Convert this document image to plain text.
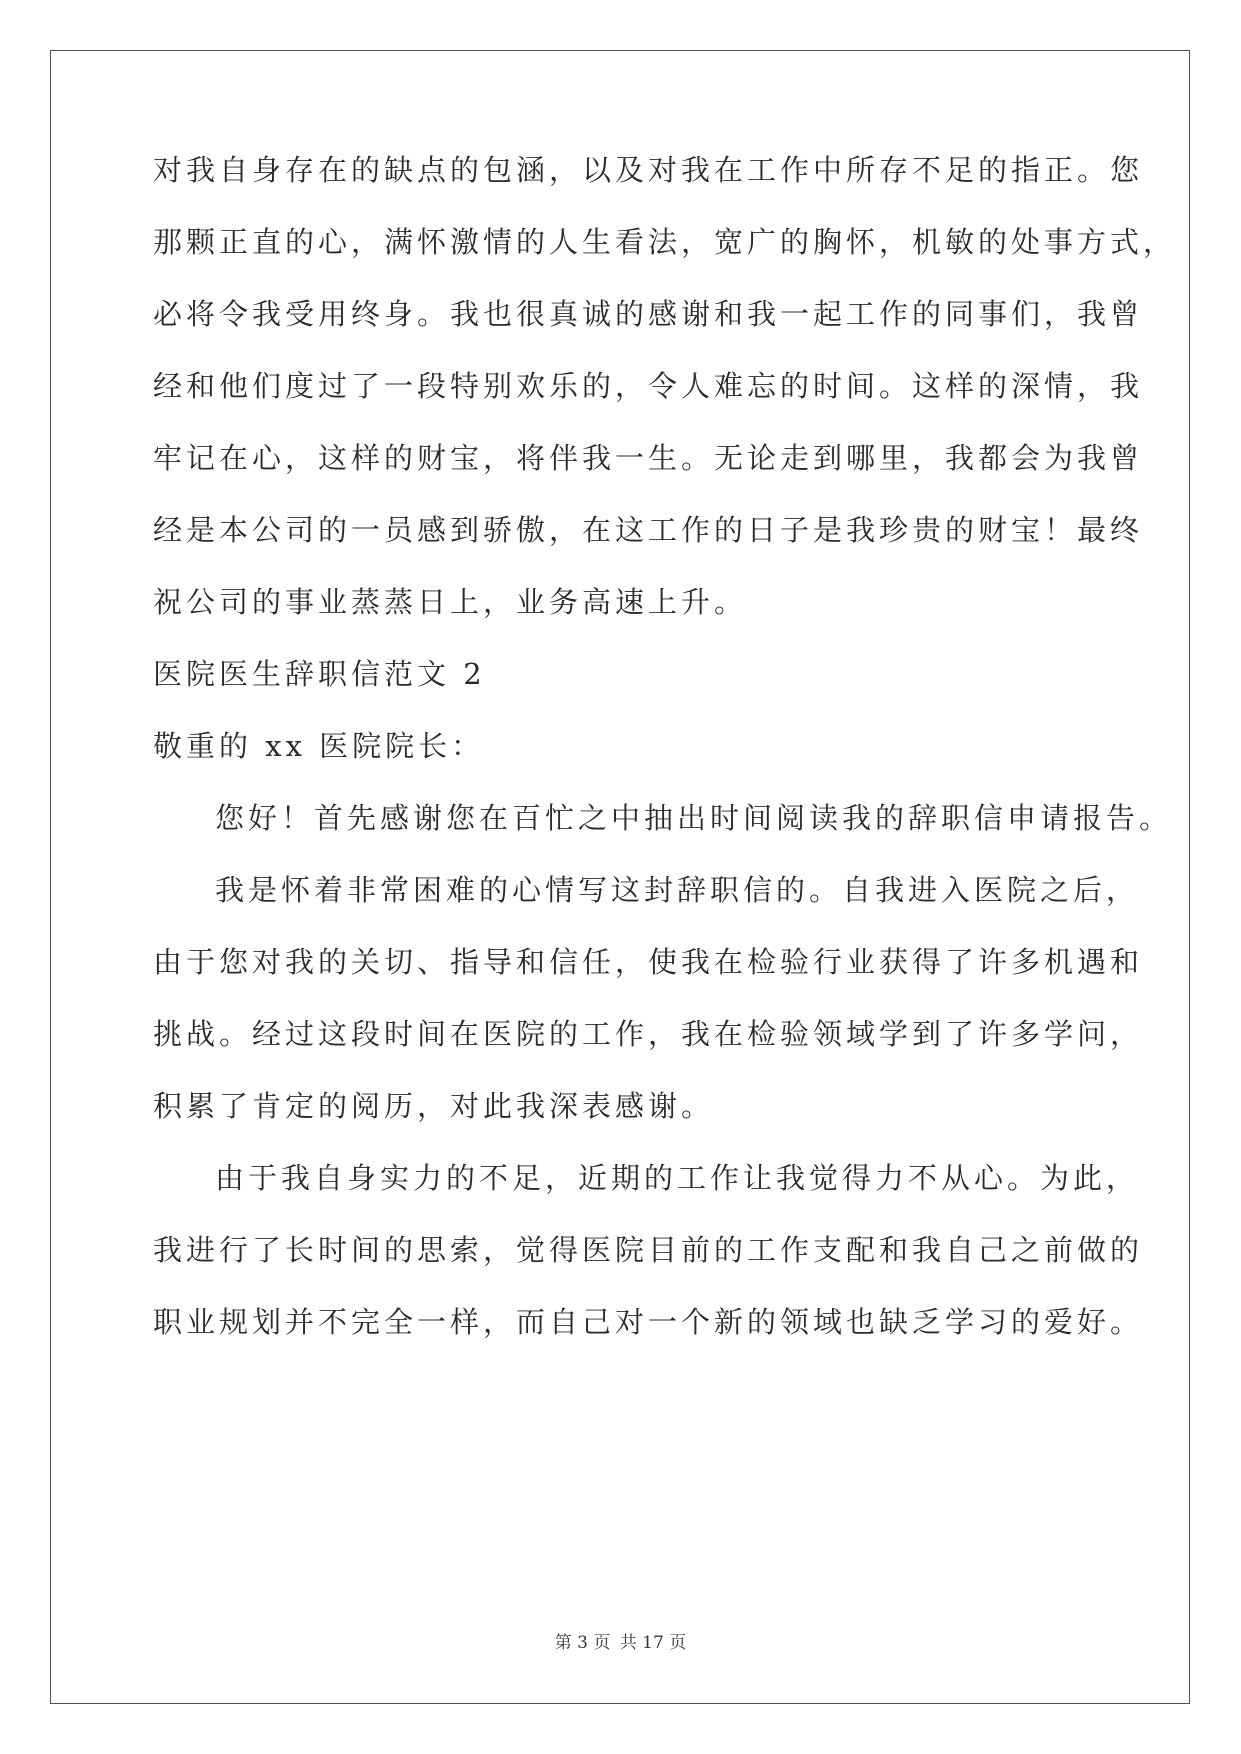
对我自身存在的缺点的包涵，以及对我在工作中所存不足的指正。您
那颗正直的心，满怀激情的人生看法，宽广的胸怀，机敏的处事方式，
必将令我受用终身。我也很真诚的感谢和我一起工作的同事们，我曾
经和他们度过了一段特别欢乐的，令人难忘的时间。这样的深情，我
牢记在心，这样的财宝，将伴我一生。无论走到哪里，我都会为我曾
经是本公司的一员感到骄傲，在这工作的日子是我珍贵的财宝！最终
祝公司的事业蒸蒸日上，业务高速上升。
医院医生辞职信范文 2
敬重的 xx 医院院长：
您好！首先感谢您在百忙之中抽出时间阅读我的辞职信申请报告。
我是怀着非常困难的心情写这封辞职信的。自我进入医院之后，
由于您对我的关切、指导和信任，使我在检验行业获得了许多机遇和
挑战。经过这段时间在医院的工作，我在检验领域学到了许多学问，
积累了肯定的阅历，对此我深表感谢。
由于我自身实力的不足，近期的工作让我觉得力不从心。为此，
我进行了长时间的思索，觉得医院目前的工作支配和我自己之前做的
职业规划并不完全一样，而自己对一个新的领域也缺乏学习的爱好。
第 3 页 共 17 页
